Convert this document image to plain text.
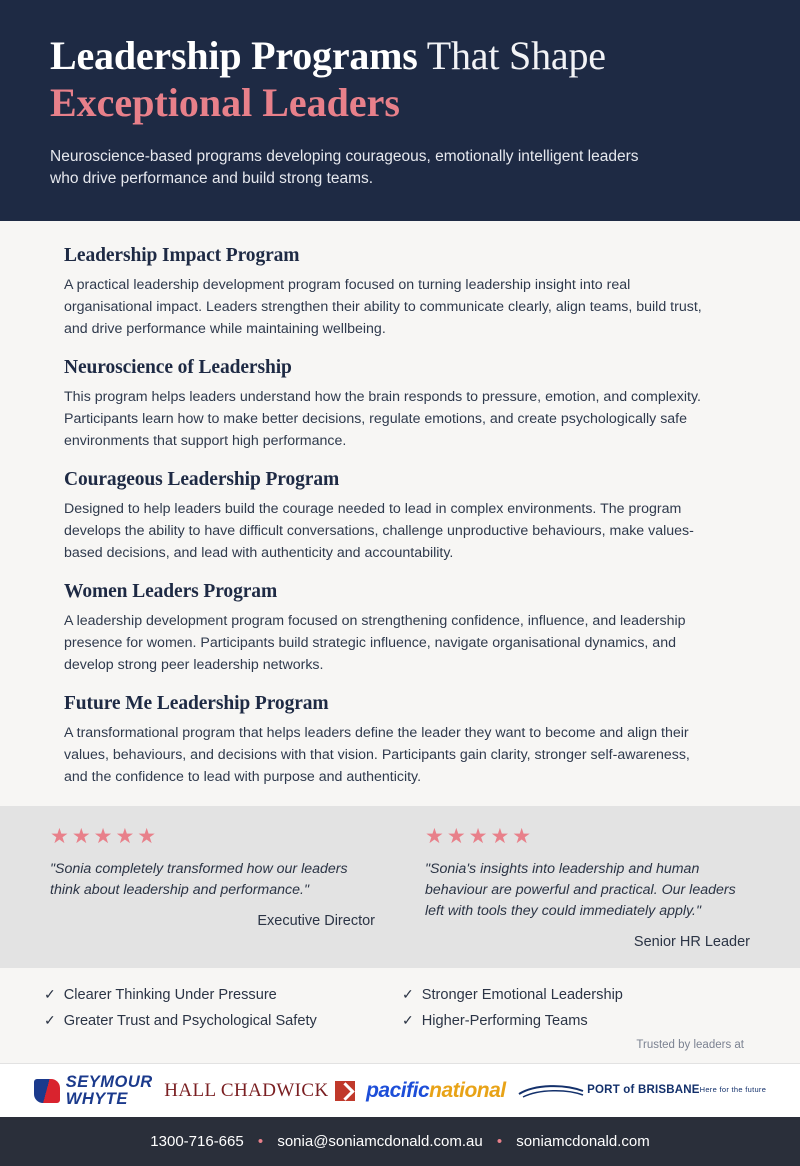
Leadership Programs That Shape
Exceptional Leaders
Neuroscience-based programs developing courageous, emotionally intelligent leaders who drive performance and build strong teams.
Leadership Impact Program
A practical leadership development program focused on turning leadership insight into real organisational impact. Leaders strengthen their ability to communicate clearly, align teams, build trust, and drive performance while maintaining wellbeing.
Neuroscience of Leadership
This program helps leaders understand how the brain responds to pressure, emotion, and complexity. Participants learn how to make better decisions, regulate emotions, and create psychologically safe environments that support high performance.
Courageous Leadership Program
Designed to help leaders build the courage needed to lead in complex environments. The program develops the ability to have difficult conversations, challenge unproductive behaviours, make values-based decisions, and lead with authenticity and accountability.
Women Leaders Program
A leadership development program focused on strengthening confidence, influence, and leadership presence for women. Participants build strategic influence, navigate organisational dynamics, and develop strong peer leadership networks.
Future Me Leadership Program
A transformational program that helps leaders define the leader they want to become and align their values, behaviours, and decisions with that vision. Participants gain clarity, stronger self-awareness, and the confidence to lead with purpose and authenticity.
★★★★★
"Sonia completely transformed how our leaders think about leadership and performance."
Executive Director
★★★★★
"Sonia's insights into leadership and human behaviour are powerful and practical. Our leaders left with tools they could immediately apply."
Senior HR Leader
✓ Clearer Thinking Under Pressure	✓ Stronger Emotional Leadership
✓ Greater Trust and Psychological Safety	✓ Higher-Performing Teams
Trusted by leaders at
SEYMOUR
WHYTE	HALL CHADWICK pacific national	PORT of BRISBANE Here for the future
1300-716-665 • sonia@soniamcdonald.com.au • soniamcdonald.com
